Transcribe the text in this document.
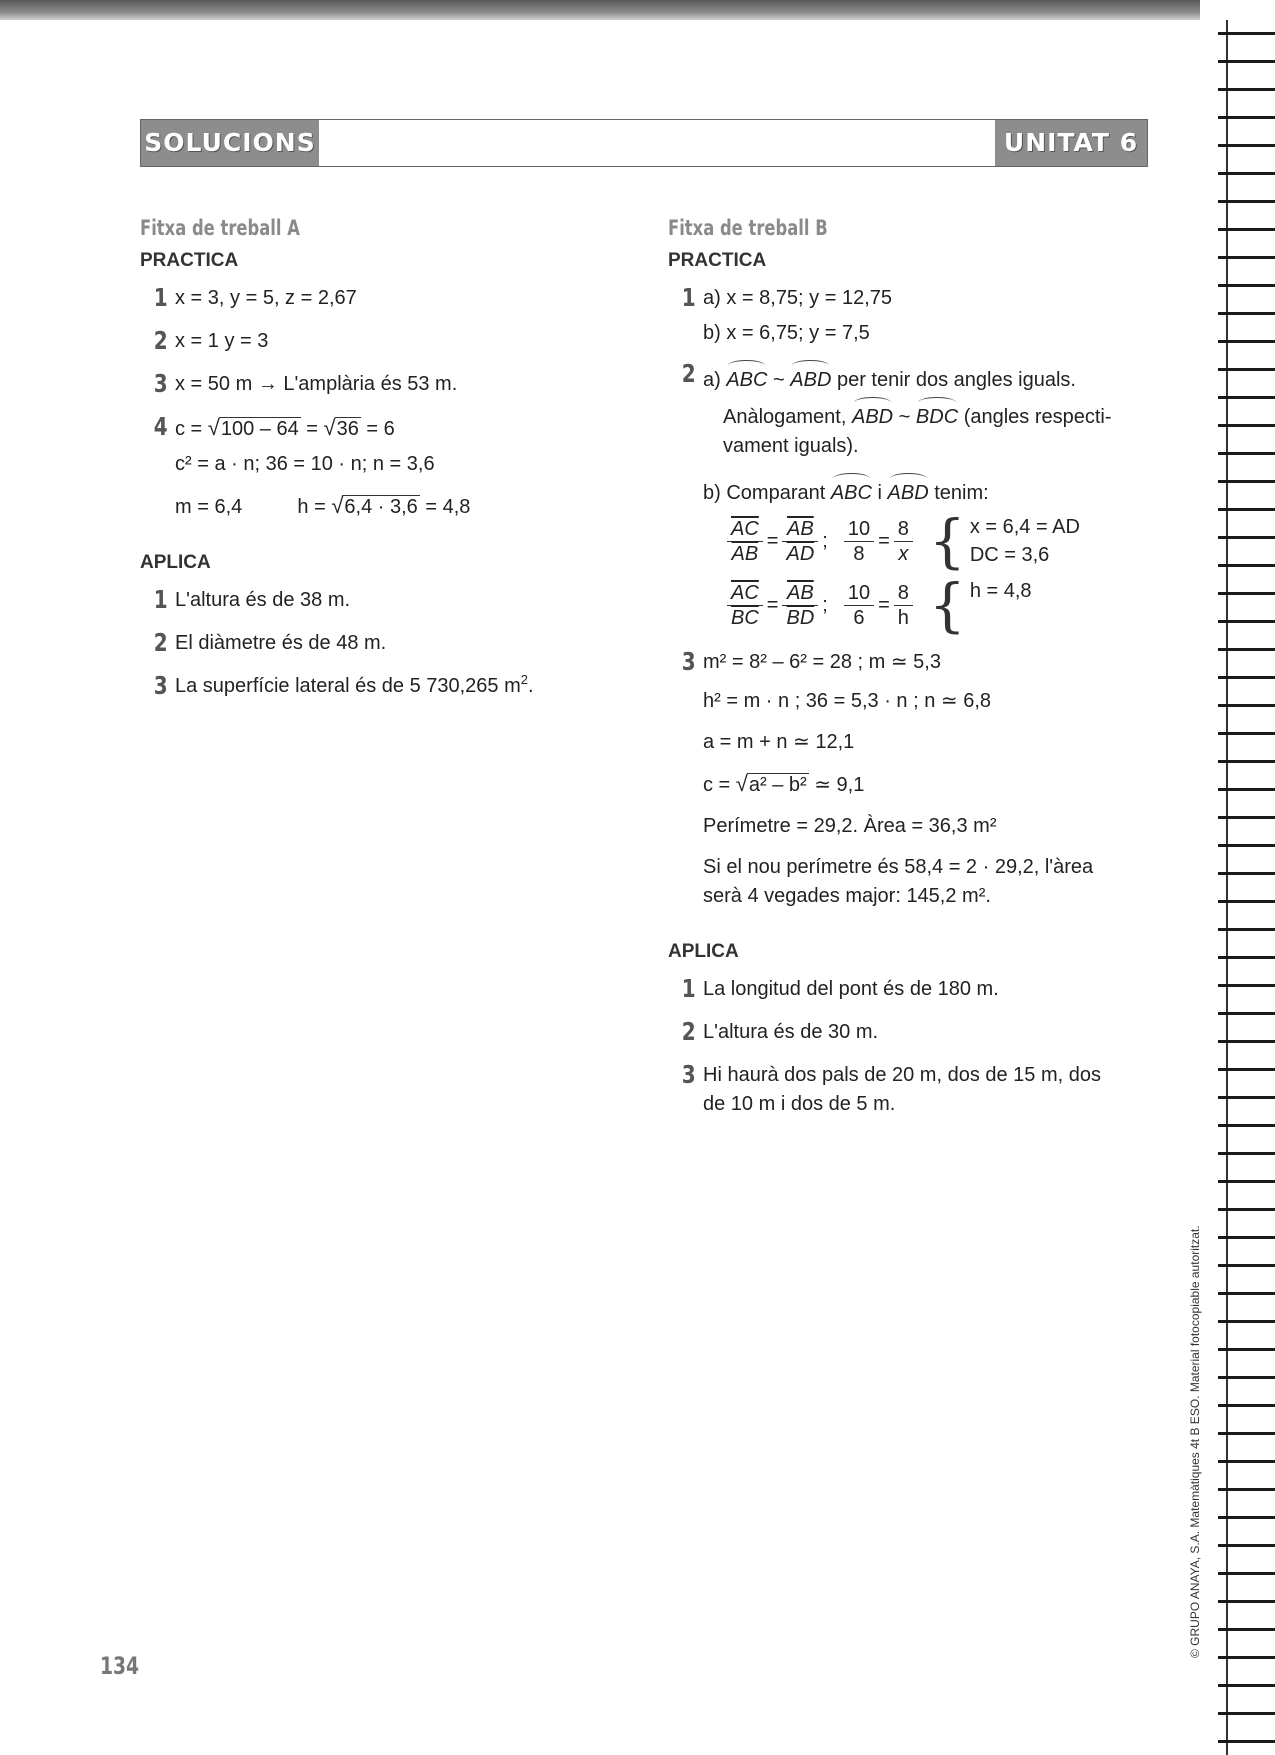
SOLUCIONS	UNITAT 6
Fitxa de treball A
PRACTICA
1 x = 3, y = 5, z = 2,67
2 x = 1 y = 3
3 x = 50 m → L'amplària és 53 m.
4 c = √100 – 64 = √36 = 6
c² = a · n; 36 = 10 · n; n = 3,6
m = 6,4	h = √6,4 · 3,6 = 4,8
APLICA
1 L'altura és de 38 m.
2 El diàmetre és de 48 m.
3 La superfície lateral és de 5 730,265 $m^2$.
Fitxa de treball B
PRACTICA
1 a) x = 8,75; y = 12,75
b) x = 6,75; y = 7,5
2 a) ABC ~ ABD per tenir dos angles iguals.
Anàlogament, ABD ~ BDC (angles respecti-
vament iguals).
b) Comparant ABC i ABD tenim:
$\frac{\overline{AC}}{AB} = \frac{\overline{AB}}{AD}$ ; $\frac{10}{8} = \frac{8}{x}$ { x = 6,4 = AD
DC = 3,6
$\frac{\overline{AC}}{BC} = \frac{\overline{AB}}{BD}$ ; $\frac{10}{6} = \frac{8}{h}$ { h = 4,8

3 m² = 8² – 6² = 28 ; m ≃ 5,3
h² = m · n ; 36 = 5,3 · n ; n ≃ 6,8
a = m + n ≃ 12,1
c = √a² – b² ≃ 9,1
Perímetre = 29,2. Àrea = 36,3 m²
Si el nou perímetre és 58,4 = 2 · 29,2, l'àrea
serà 4 vegades major: 145,2 m².
APLICA
1 La longitud del pont és de 180 m.
2 L'altura és de 30 m.
3 Hi haurà dos pals de 20 m, dos de 15 m, dos
de 10 m i dos de 5 m.
134
© GRUPO ANAYA, S.A. Matemàtiques 4t B ESO. Material fotocopiable autoritzat.
